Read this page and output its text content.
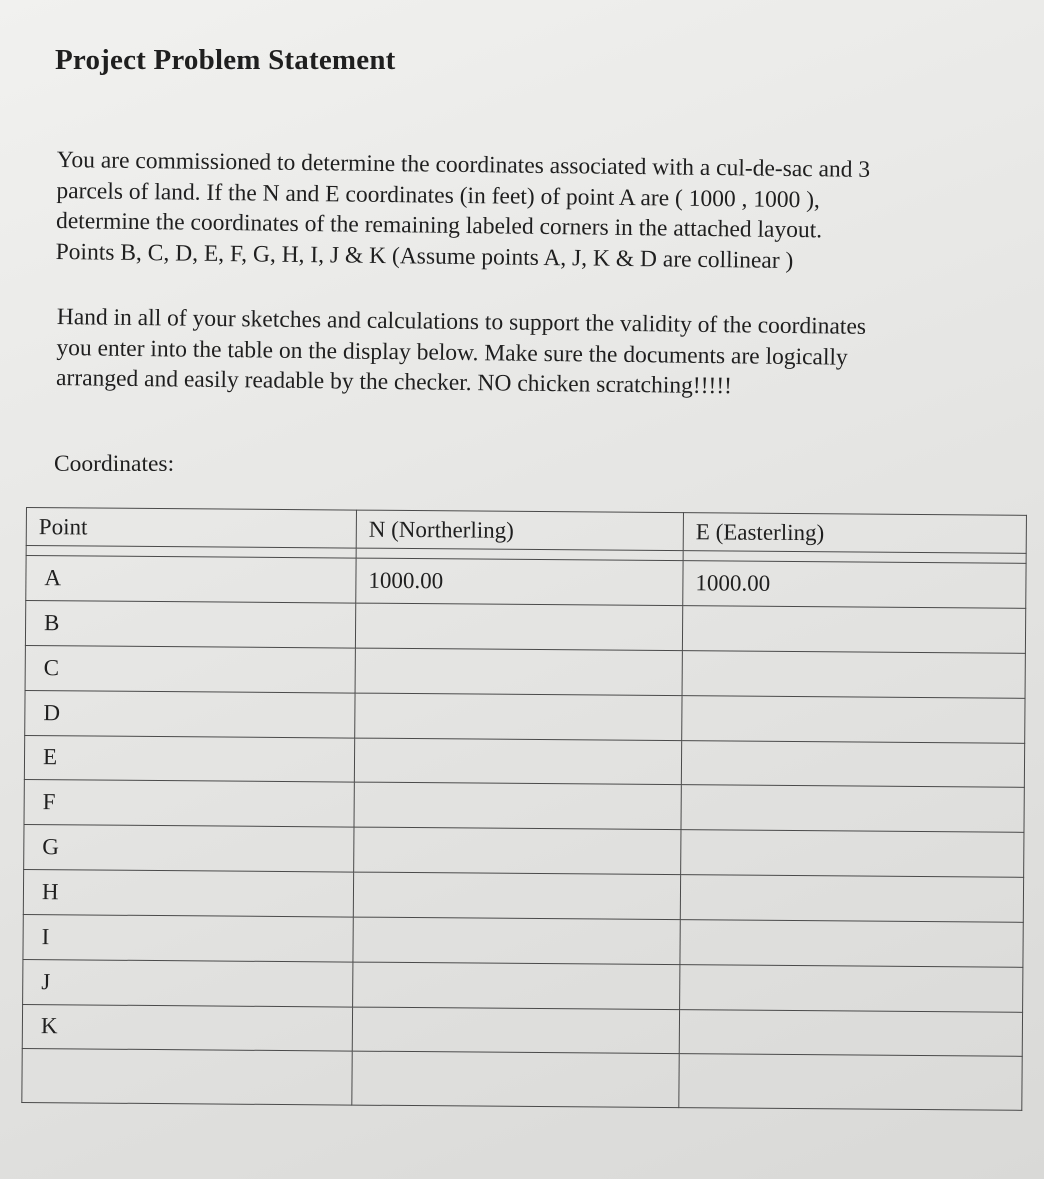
Project Problem Statement

You are commissioned to determine the coordinates associated with a cul-de-sac and 3
parcels of land. If the N and E coordinates (in feet) of point A are ( 1000 , 1000 ),
determine the coordinates of the remaining labeled corners in the attached layout.
Points B, C, D, E, F, G, H, I, J & K (Assume points A, J, K & D are collinear )

Hand in all of your sketches and calculations to support the validity of the coordinates
you enter into the table on the display below. Make sure the documents are logically
arranged and easily readable by the checker. NO chicken scratching!!!!!

Coordinates:

Point	N (Northerling)	E (Easterling)

A	1000.00	1000.00
B		
C		
D		
E		
F		
G		
H		
I		
J		
K		
